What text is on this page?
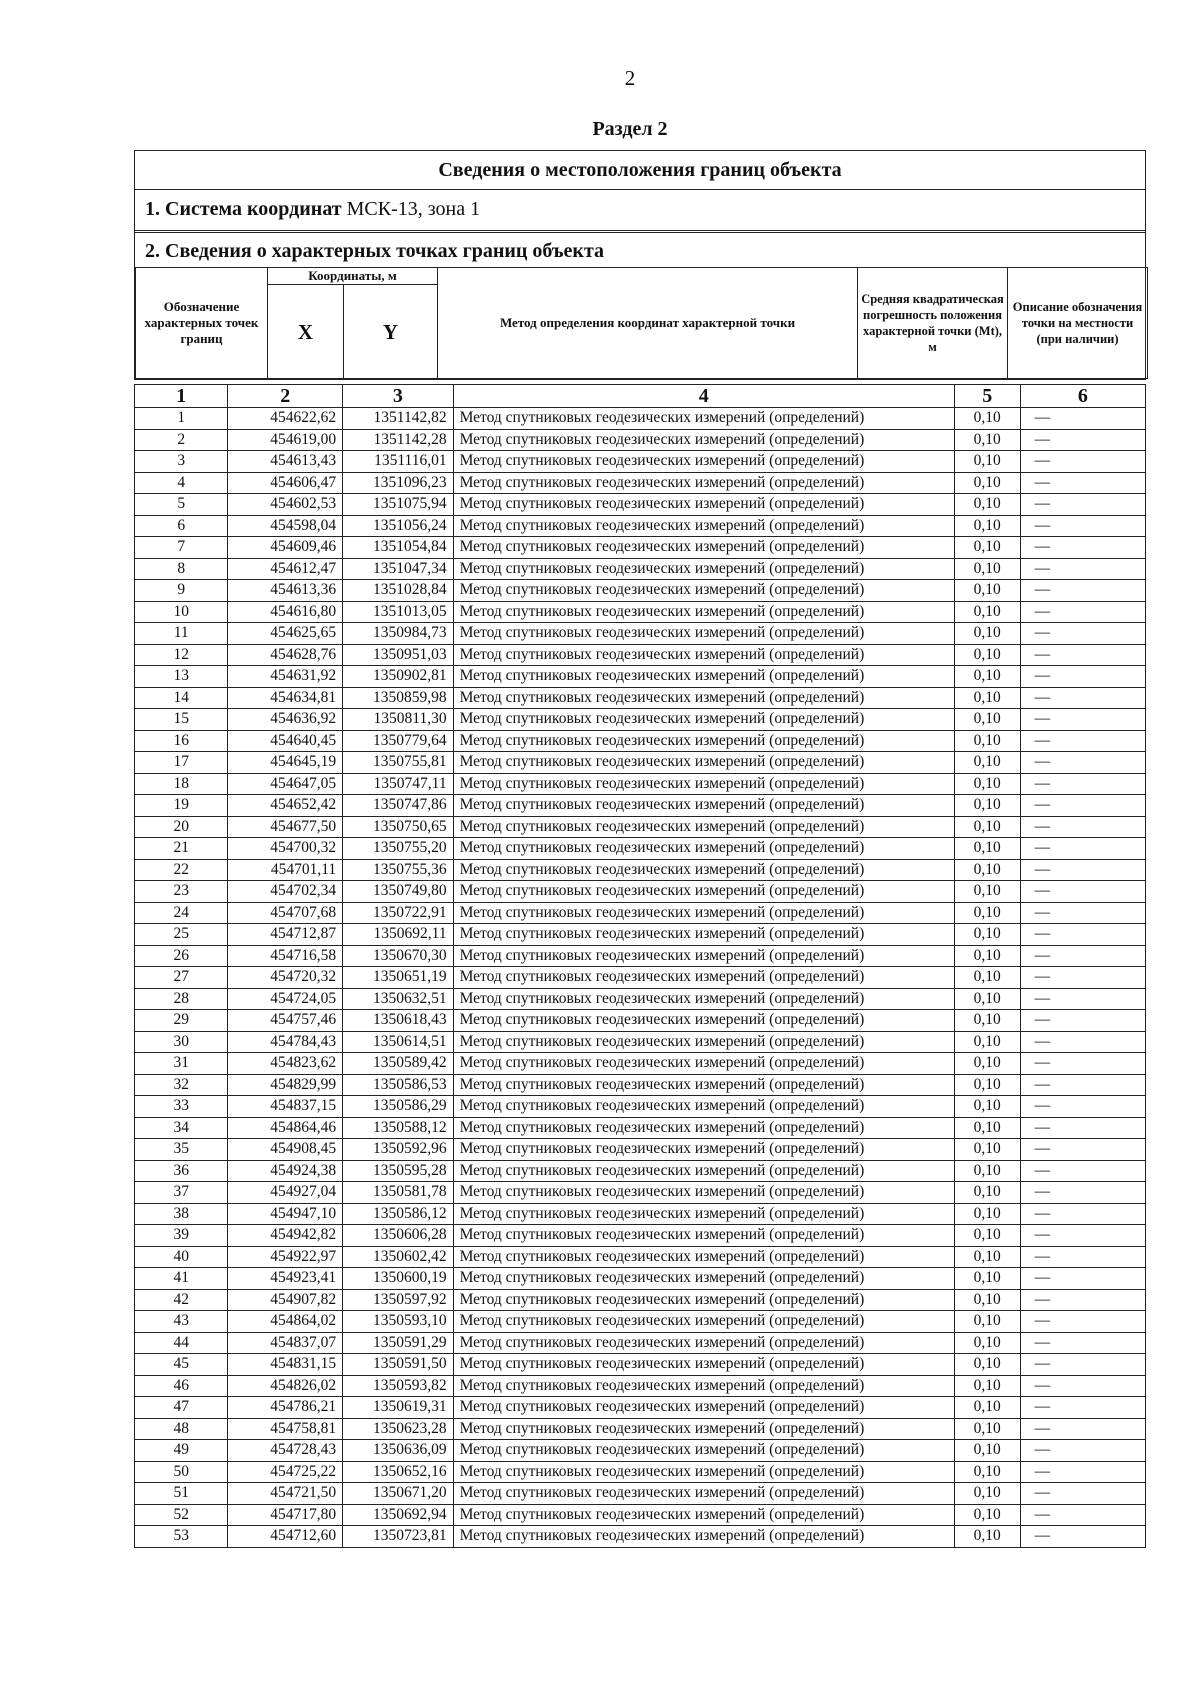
2
Раздел 2
Сведения о местоположения границ объекта
1. Система координат МСК-13, зона 1
2. Сведения о характерных точках границ объекта
Обозначение характерных точек границ	Координаты, м		Метод определения координат характерной точки	Средняя квадратическая погрешность положения характерной точки (Mt), м	Описание обозначения точки на местности (при наличии)
	X	Y			
1	2	3	4	5	6
1	454622,62	1351142,82	Метод спутниковых геодезических измерений (определений)	0,10	—
2	454619,00	1351142,28	Метод спутниковых геодезических измерений (определений)	0,10	—
3	454613,43	1351116,01	Метод спутниковых геодезических измерений (определений)	0,10	—
4	454606,47	1351096,23	Метод спутниковых геодезических измерений (определений)	0,10	—
5	454602,53	1351075,94	Метод спутниковых геодезических измерений (определений)	0,10	—
6	454598,04	1351056,24	Метод спутниковых геодезических измерений (определений)	0,10	—
7	454609,46	1351054,84	Метод спутниковых геодезических измерений (определений)	0,10	—
8	454612,47	1351047,34	Метод спутниковых геодезических измерений (определений)	0,10	—
9	454613,36	1351028,84	Метод спутниковых геодезических измерений (определений)	0,10	—
10	454616,80	1351013,05	Метод спутниковых геодезических измерений (определений)	0,10	—
11	454625,65	1350984,73	Метод спутниковых геодезических измерений (определений)	0,10	—
12	454628,76	1350951,03	Метод спутниковых геодезических измерений (определений)	0,10	—
13	454631,92	1350902,81	Метод спутниковых геодезических измерений (определений)	0,10	—
14	454634,81	1350859,98	Метод спутниковых геодезических измерений (определений)	0,10	—
15	454636,92	1350811,30	Метод спутниковых геодезических измерений (определений)	0,10	—
16	454640,45	1350779,64	Метод спутниковых геодезических измерений (определений)	0,10	—
17	454645,19	1350755,81	Метод спутниковых геодезических измерений (определений)	0,10	—
18	454647,05	1350747,11	Метод спутниковых геодезических измерений (определений)	0,10	—
19	454652,42	1350747,86	Метод спутниковых геодезических измерений (определений)	0,10	—
20	454677,50	1350750,65	Метод спутниковых геодезических измерений (определений)	0,10	—
21	454700,32	1350755,20	Метод спутниковых геодезических измерений (определений)	0,10	—
22	454701,11	1350755,36	Метод спутниковых геодезических измерений (определений)	0,10	—
23	454702,34	1350749,80	Метод спутниковых геодезических измерений (определений)	0,10	—
24	454707,68	1350722,91	Метод спутниковых геодезических измерений (определений)	0,10	—
25	454712,87	1350692,11	Метод спутниковых геодезических измерений (определений)	0,10	—
26	454716,58	1350670,30	Метод спутниковых геодезических измерений (определений)	0,10	—
27	454720,32	1350651,19	Метод спутниковых геодезических измерений (определений)	0,10	—
28	454724,05	1350632,51	Метод спутниковых геодезических измерений (определений)	0,10	—
29	454757,46	1350618,43	Метод спутниковых геодезических измерений (определений)	0,10	—
30	454784,43	1350614,51	Метод спутниковых геодезических измерений (определений)	0,10	—
31	454823,62	1350589,42	Метод спутниковых геодезических измерений (определений)	0,10	—
32	454829,99	1350586,53	Метод спутниковых геодезических измерений (определений)	0,10	—
33	454837,15	1350586,29	Метод спутниковых геодезических измерений (определений)	0,10	—
34	454864,46	1350588,12	Метод спутниковых геодезических измерений (определений)	0,10	—
35	454908,45	1350592,96	Метод спутниковых геодезических измерений (определений)	0,10	—
36	454924,38	1350595,28	Метод спутниковых геодезических измерений (определений)	0,10	—
37	454927,04	1350581,78	Метод спутниковых геодезических измерений (определений)	0,10	—
38	454947,10	1350586,12	Метод спутниковых геодезических измерений (определений)	0,10	—
39	454942,82	1350606,28	Метод спутниковых геодезических измерений (определений)	0,10	—
40	454922,97	1350602,42	Метод спутниковых геодезических измерений (определений)	0,10	—
41	454923,41	1350600,19	Метод спутниковых геодезических измерений (определений)	0,10	—
42	454907,82	1350597,92	Метод спутниковых геодезических измерений (определений)	0,10	—
43	454864,02	1350593,10	Метод спутниковых геодезических измерений (определений)	0,10	—
44	454837,07	1350591,29	Метод спутниковых геодезических измерений (определений)	0,10	—
45	454831,15	1350591,50	Метод спутниковых геодезических измерений (определений)	0,10	—
46	454826,02	1350593,82	Метод спутниковых геодезических измерений (определений)	0,10	—
47	454786,21	1350619,31	Метод спутниковых геодезических измерений (определений)	0,10	—
48	454758,81	1350623,28	Метод спутниковых геодезических измерений (определений)	0,10	—
49	454728,43	1350636,09	Метод спутниковых геодезических измерений (определений)	0,10	—
50	454725,22	1350652,16	Метод спутниковых геодезических измерений (определений)	0,10	—
51	454721,50	1350671,20	Метод спутниковых геодезических измерений (определений)	0,10	—
52	454717,80	1350692,94	Метод спутниковых геодезических измерений (определений)	0,10	—
53	454712,60	1350723,81	Метод спутниковых геодезических измерений (определений)	0,10	—
